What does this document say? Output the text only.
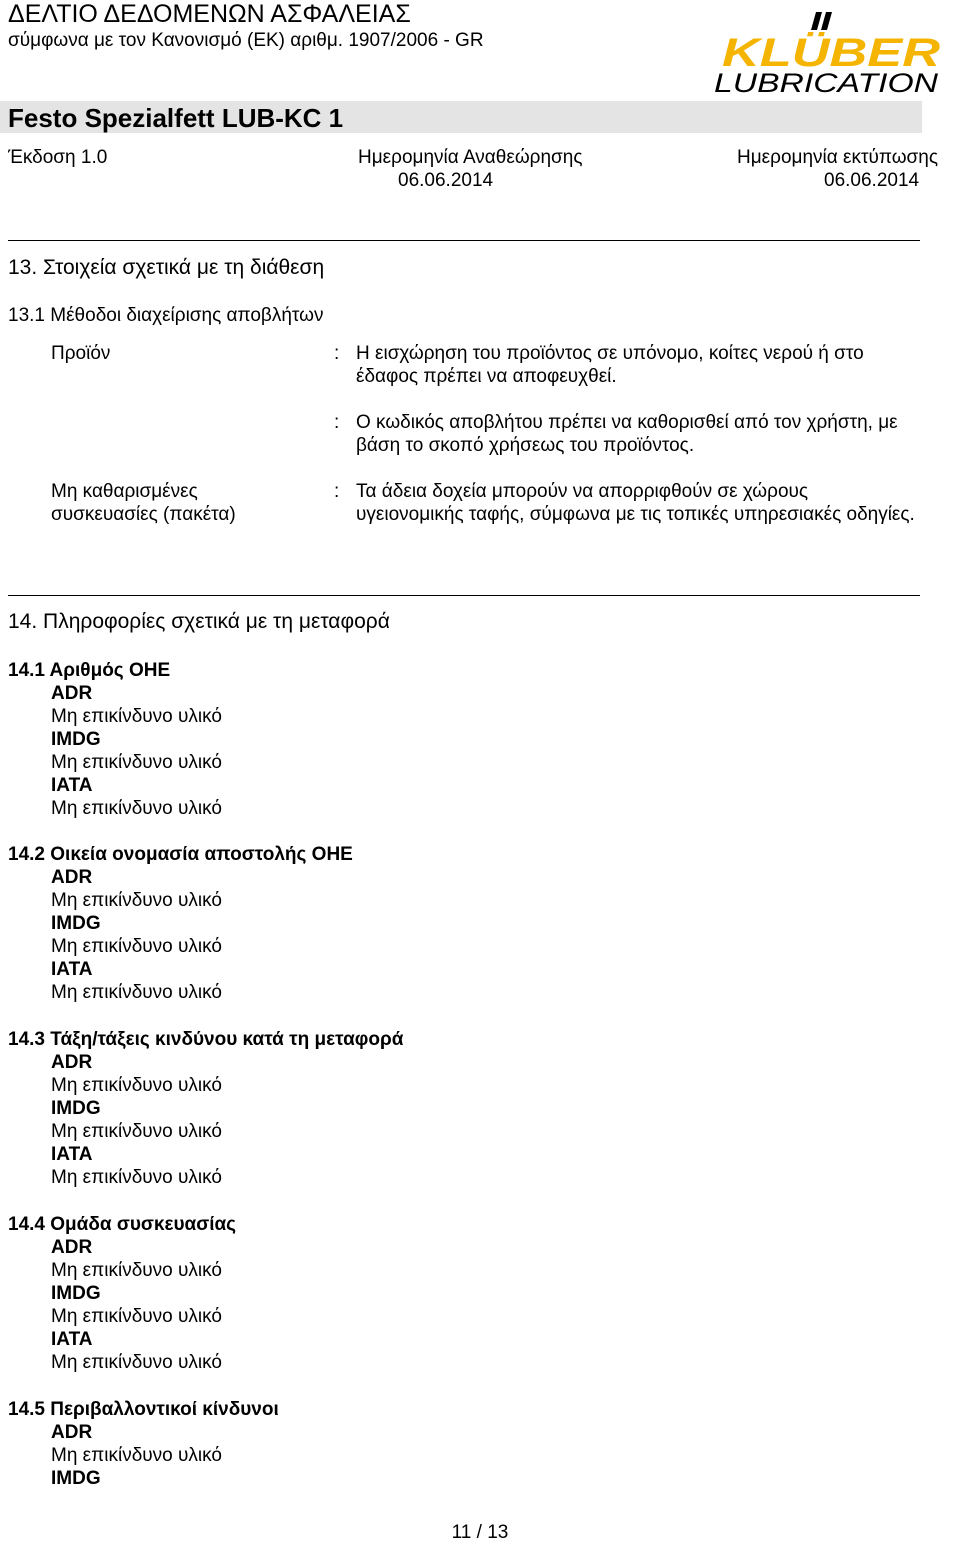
ΔΕΛΤΙΟ ΔΕΔΟΜΕΝΩΝ ΑΣΦΑΛΕΙΑΣ
σύμφωνα με τον Κανονισμό (ΕΚ) αριθμ. 1907/2006 - GR	KLÜBER
LUBRICATION
Festo Spezialfett LUB-KC 1
Έκδοση 1.0	Ημερομηνία Αναθεώρησης
06.06.2014
Ημερομηνία εκτύπωσης
06.06.2014
13. Στοιχεία σχετικά με τη διάθεση
13.1 Μέθοδοι διαχείρισης αποβλήτων
Προϊόν	: Η εισχώρηση του προϊόντος σε υπόνομο, κοίτες νερού ή στο έδαφος πρέπει να αποφευχθεί.
: Ο κωδικός αποβλήτου πρέπει να καθορισθεί από τον χρήστη, με βάση το σκοπό χρήσεως του προϊόντος.
Μη καθαρισμένες συσκευασίες (πακέτα)
: Τα άδεια δοχεία μπορούν να απορριφθούν σε χώρους υγειονομικής ταφής, σύμφωνα με τις τοπικές υπηρεσιακές οδηγίες.
14. Πληροφορίες σχετικά με τη μεταφορά
14.1 Αριθμός ΟΗΕ
ADR
Μη επικίνδυνο υλικό
IMDG
Μη επικίνδυνο υλικό
IATA
Μη επικίνδυνο υλικό
14.2 Οικεία ονομασία αποστολής ΟΗΕ
ADR
Μη επικίνδυνο υλικό
IMDG
Μη επικίνδυνο υλικό
IATA
Μη επικίνδυνο υλικό
14.3 Τάξη/τάξεις κινδύνου κατά τη μεταφορά
ADR
Μη επικίνδυνο υλικό
IMDG
Μη επικίνδυνο υλικό
IATA
Μη επικίνδυνο υλικό
14.4 Ομάδα συσκευασίας
ADR
Μη επικίνδυνο υλικό
IMDG
Μη επικίνδυνο υλικό
IATA
Μη επικίνδυνο υλικό
14.5 Περιβαλλοντικοί κίνδυνοι
ADR
Μη επικίνδυνο υλικό
IMDG
11 / 13
